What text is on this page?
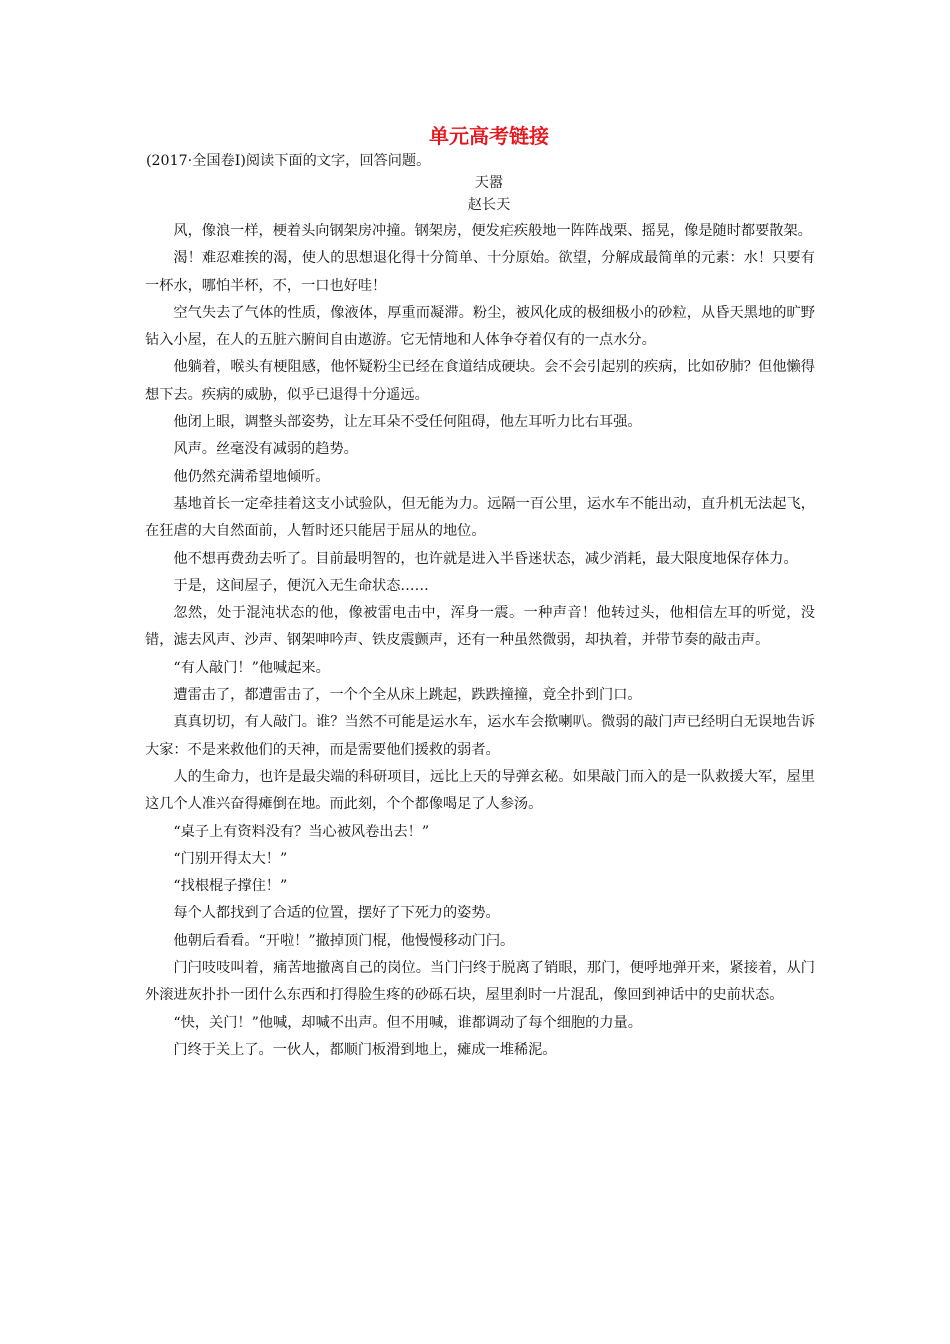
单元高考链接

(2017·全国卷Ⅰ)阅读下面的文字，回答问题。

天嚣

赵长天

风，像浪一样，梗着头向钢架房冲撞。钢架房，便发疟疾般地一阵阵战栗、摇晃，像是随时都要散架。

渴！难忍难挨的渴，使人的思想退化得十分简单、十分原始。欲望，分解成最简单的元素：水！只要有一杯水，哪怕半杯，不，一口也好哇！

空气失去了气体的性质，像液体，厚重而凝滞。粉尘，被风化成的极细极小的砂粒，从昏天黑地的旷野钻入小屋，在人的五脏六腑间自由遨游。它无情地和人体争夺着仅有的一点水分。

他躺着，喉头有梗阻感，他怀疑粉尘已经在食道结成硬块。会不会引起别的疾病，比如矽肺？但他懒得想下去。疾病的威胁，似乎已退得十分遥远。

他闭上眼，调整头部姿势，让左耳朵不受任何阻碍，他左耳听力比右耳强。

风声。丝毫没有减弱的趋势。

他仍然充满希望地倾听。

基地首长一定牵挂着这支小试验队，但无能为力。远隔一百公里，运水车不能出动，直升机无法起飞，在狂虐的大自然面前，人暂时还只能居于屈从的地位。

他不想再费劲去听了。目前最明智的，也许就是进入半昏迷状态，减少消耗，最大限度地保存体力。

于是，这间屋子，便沉入无生命状态……

忽然，处于混沌状态的他，像被雷电击中，浑身一震。一种声音！他转过头，他相信左耳的听觉，没错，滤去风声、沙声、钢架呻吟声、铁皮震颤声，还有一种虽然微弱，却执着，并带节奏的敲击声。

“有人敲门！”他喊起来。

遭雷击了，都遭雷击了，一个个全从床上跳起，跌跌撞撞，竟全扑到门口。

真真切切，有人敲门。谁？当然不可能是运水车，运水车会揿喇叭。微弱的敲门声已经明白无误地告诉大家：不是来救他们的天神，而是需要他们援救的弱者。

人的生命力，也许是最尖端的科研项目，远比上天的导弹玄秘。如果敲门而入的是一队救援大军，屋里这几个人准兴奋得瘫倒在地。而此刻，个个都像喝足了人参汤。

“桌子上有资料没有？当心被风卷出去！”

“门别开得太大！”

“找根棍子撑住！”

每个人都找到了合适的位置，摆好了下死力的姿势。

他朝后看看。“开啦！”撤掉顶门棍，他慢慢移动门闩。

门闩吱吱叫着，痛苦地撤离自己的岗位。当门闩终于脱离了销眼，那门，便呼地弹开来，紧接着，从门外滚进灰扑扑一团什么东西和打得脸生疼的砂砾石块，屋里刹时一片混乱，像回到神话中的史前状态。

“快，关门！”他喊，却喊不出声。但不用喊，谁都调动了每个细胞的力量。

门终于关上了。一伙人，都顺门板滑到地上，瘫成一堆稀泥。
